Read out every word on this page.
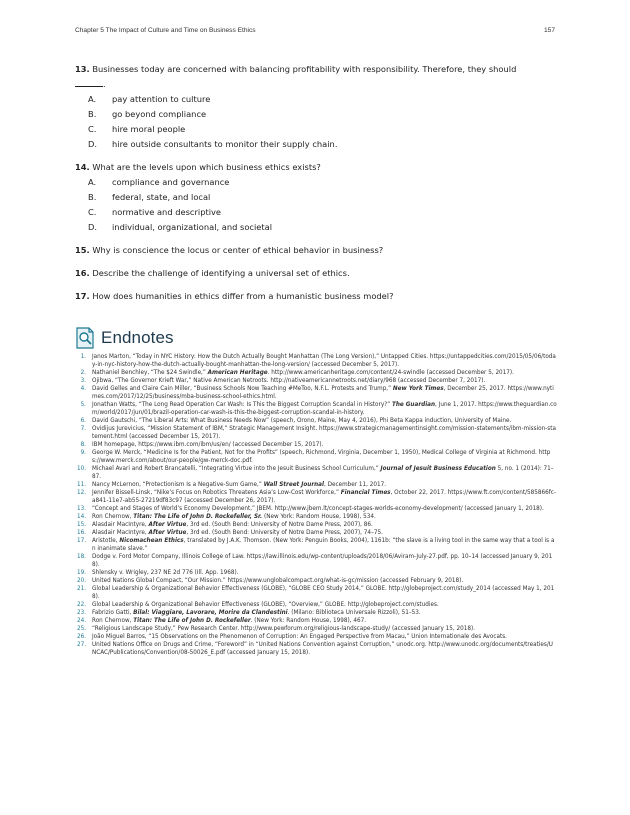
Chapter 5 The Impact of Culture and Time on Business Ethics	157
13. Businesses today are concerned with balancing profitability with responsibility. Therefore, they should
.
A. pay attention to culture
B. go beyond compliance
C. hire moral people
D. hire outside consultants to monitor their supply chain.
14. What are the levels upon which business ethics exists?
A. compliance and governance
B. federal, state, and local
C. normative and descriptive
D. individual, organizational, and societal
15. Why is conscience the locus or center of ethical behavior in business?
16. Describe the challenge of identifying a universal set of ethics.
17. How does humanities in ethics differ from a humanistic business model?
Endnotes
1. Janos Marton, “Today in NYC History: How the Dutch Actually Bought Manhattan (The Long Version),” Untapped Cities. https://untappedcities.com/2015/05/06/today-in-nyc-history-how-the-dutch-actually-bought-manhattan-the-long-version/ (accessed December 5, 2017).
2. Nathaniel Benchley, “The $24 Swindle,” American Heritage. http://www.americanheritage.com/content/24-swindle (accessed December 5, 2017).
3. Ojibwa, “The Governor Krieft War,” Native American Netroots. http://nativeamericannetroots.net/diary/968 (accessed December 7, 2017).
4. David Gelles and Claire Cain Miller, “Business Schools Now Teaching #MeToo, N.F.L. Protests and Trump,” New York Times, December 25, 2017. https://www.nytimes.com/2017/12/25/business/mba-business-school-ethics.html.
5. Jonathan Watts, “The Long Read Operation Car Wash: Is This the Biggest Corruption Scandal in History?” The Guardian, June 1, 2017. https://www.theguardian.com/world/2017/jun/01/brazil-operation-car-wash-is-this-the-biggest-corruption-scandal-in-history.
6. David Gautschi, “The Liberal Arts: What Business Needs Now” (speech, Orono, Maine, May 4, 2016), Phi Beta Kappa induction, University of Maine.
7. Ovidijus Jurevicius, “Mission Statement of IBM,” Strategic Management Insight. https://www.strategicmanagementinsight.com/mission-statements/ibm-mission-statement.html (accessed December 15, 2017).
8. IBM homepage, https://www.ibm.com/ibm/us/en/ (accessed December 15, 2017).
9. George W. Merck, “Medicine Is for the Patient, Not for the Profits” (speech, Richmond, Virginia, December 1, 1950), Medical College of Virginia at Richmond. https://www.merck.com/about/our-people/gw-merck-doc.pdf.
10. Michael Avari and Robert Brancatelli, “Integrating Virtue into the Jesuit Business School Curriculum,” Journal of Jesuit Business Education 5, no. 1 (2014): 71–87.
11. Nancy McLernon, “Protectionism Is a Negative-Sum Game,” Wall Street Journal, December 11, 2017.
12. Jennifer Bissell-Linsk, “Nike’s Focus on Robotics Threatens Asia’s Low-Cost Workforce,” Financial Times, October 22, 2017. https://www.ft.com/content/585866fc-a841-11e7-ab55-27219df83c97 (accessed December 26, 2017).
13. “Concept and Stages of World’s Economy Development,” JBEM. http://www.jbem.lt/concept-stages-worlds-economy-development/ (accessed January 1, 2018).
14. Ron Chernow, Titan: The Life of John D. Rockefeller, Sr. (New York: Random House, 1998), 534.
15. Alasdair MacIntyre, After Virtue, 3rd ed. (South Bend: University of Notre Dame Press, 2007), 86.
16. Alasdair MacIntyre, After Virtue, 3rd ed. (South Bend: University of Notre Dame Press, 2007), 74–75.
17. Aristotle, Nicomachean Ethics, translated by J.A.K. Thomson. (New York: Penguin Books, 2004), 1161b: “the slave is a living tool in the same way that a tool is an inanimate slave.”
18. Dodge v. Ford Motor Company, Illinois College of Law. https://law.illinois.edu/wp-content/uploads/2018/06/Aviram-July-27.pdf, pp. 10–14 (accessed January 9, 2018).
19. Shlensky v. Wrigley, 237 NE 2d 776 (Ill. App. 1968).
20. United Nations Global Compact, “Our Mission.” https://www.unglobalcompact.org/what-is-gc/mission (accessed February 9, 2018).
21. Global Leadership & Organizational Behavior Effectiveness (GLOBE), “GLOBE CEO Study 2014,” GLOBE. http://globeproject.com/study_2014 (accessed May 1, 2018).
22. Global Leadership & Organizational Behavior Effectiveness (GLOBE), “Overview,” GLOBE. http://globeproject.com/studies.
23. Fabrizio Gatti, Bilal: Viaggiare, Lavorare, Morire da Clandestini. (Milano: Biblioteca Universale Rizzoli), 51–53.
24. Ron Chernow, Titan: The Life of John D. Rockefeller. (New York: Random House, 1998), 467.
25. “Religious Landscape Study,” Pew Research Center. http://www.pewforum.org/religious-landscape-study/ (accessed January 15, 2018).
26. João Miguel Barros, “15 Observations on the Phenomenon of Corruption: An Engaged Perspective from Macau,” Union Internationale des Avocats.
27. United Nations Office on Drugs and Crime, “Foreword” in “United Nations Convention against Corruption,” unodc.org. http://www.unodc.org/documents/treaties/UNCAC/Publications/Convention/08-50026_E.pdf (accessed January 15, 2018).
